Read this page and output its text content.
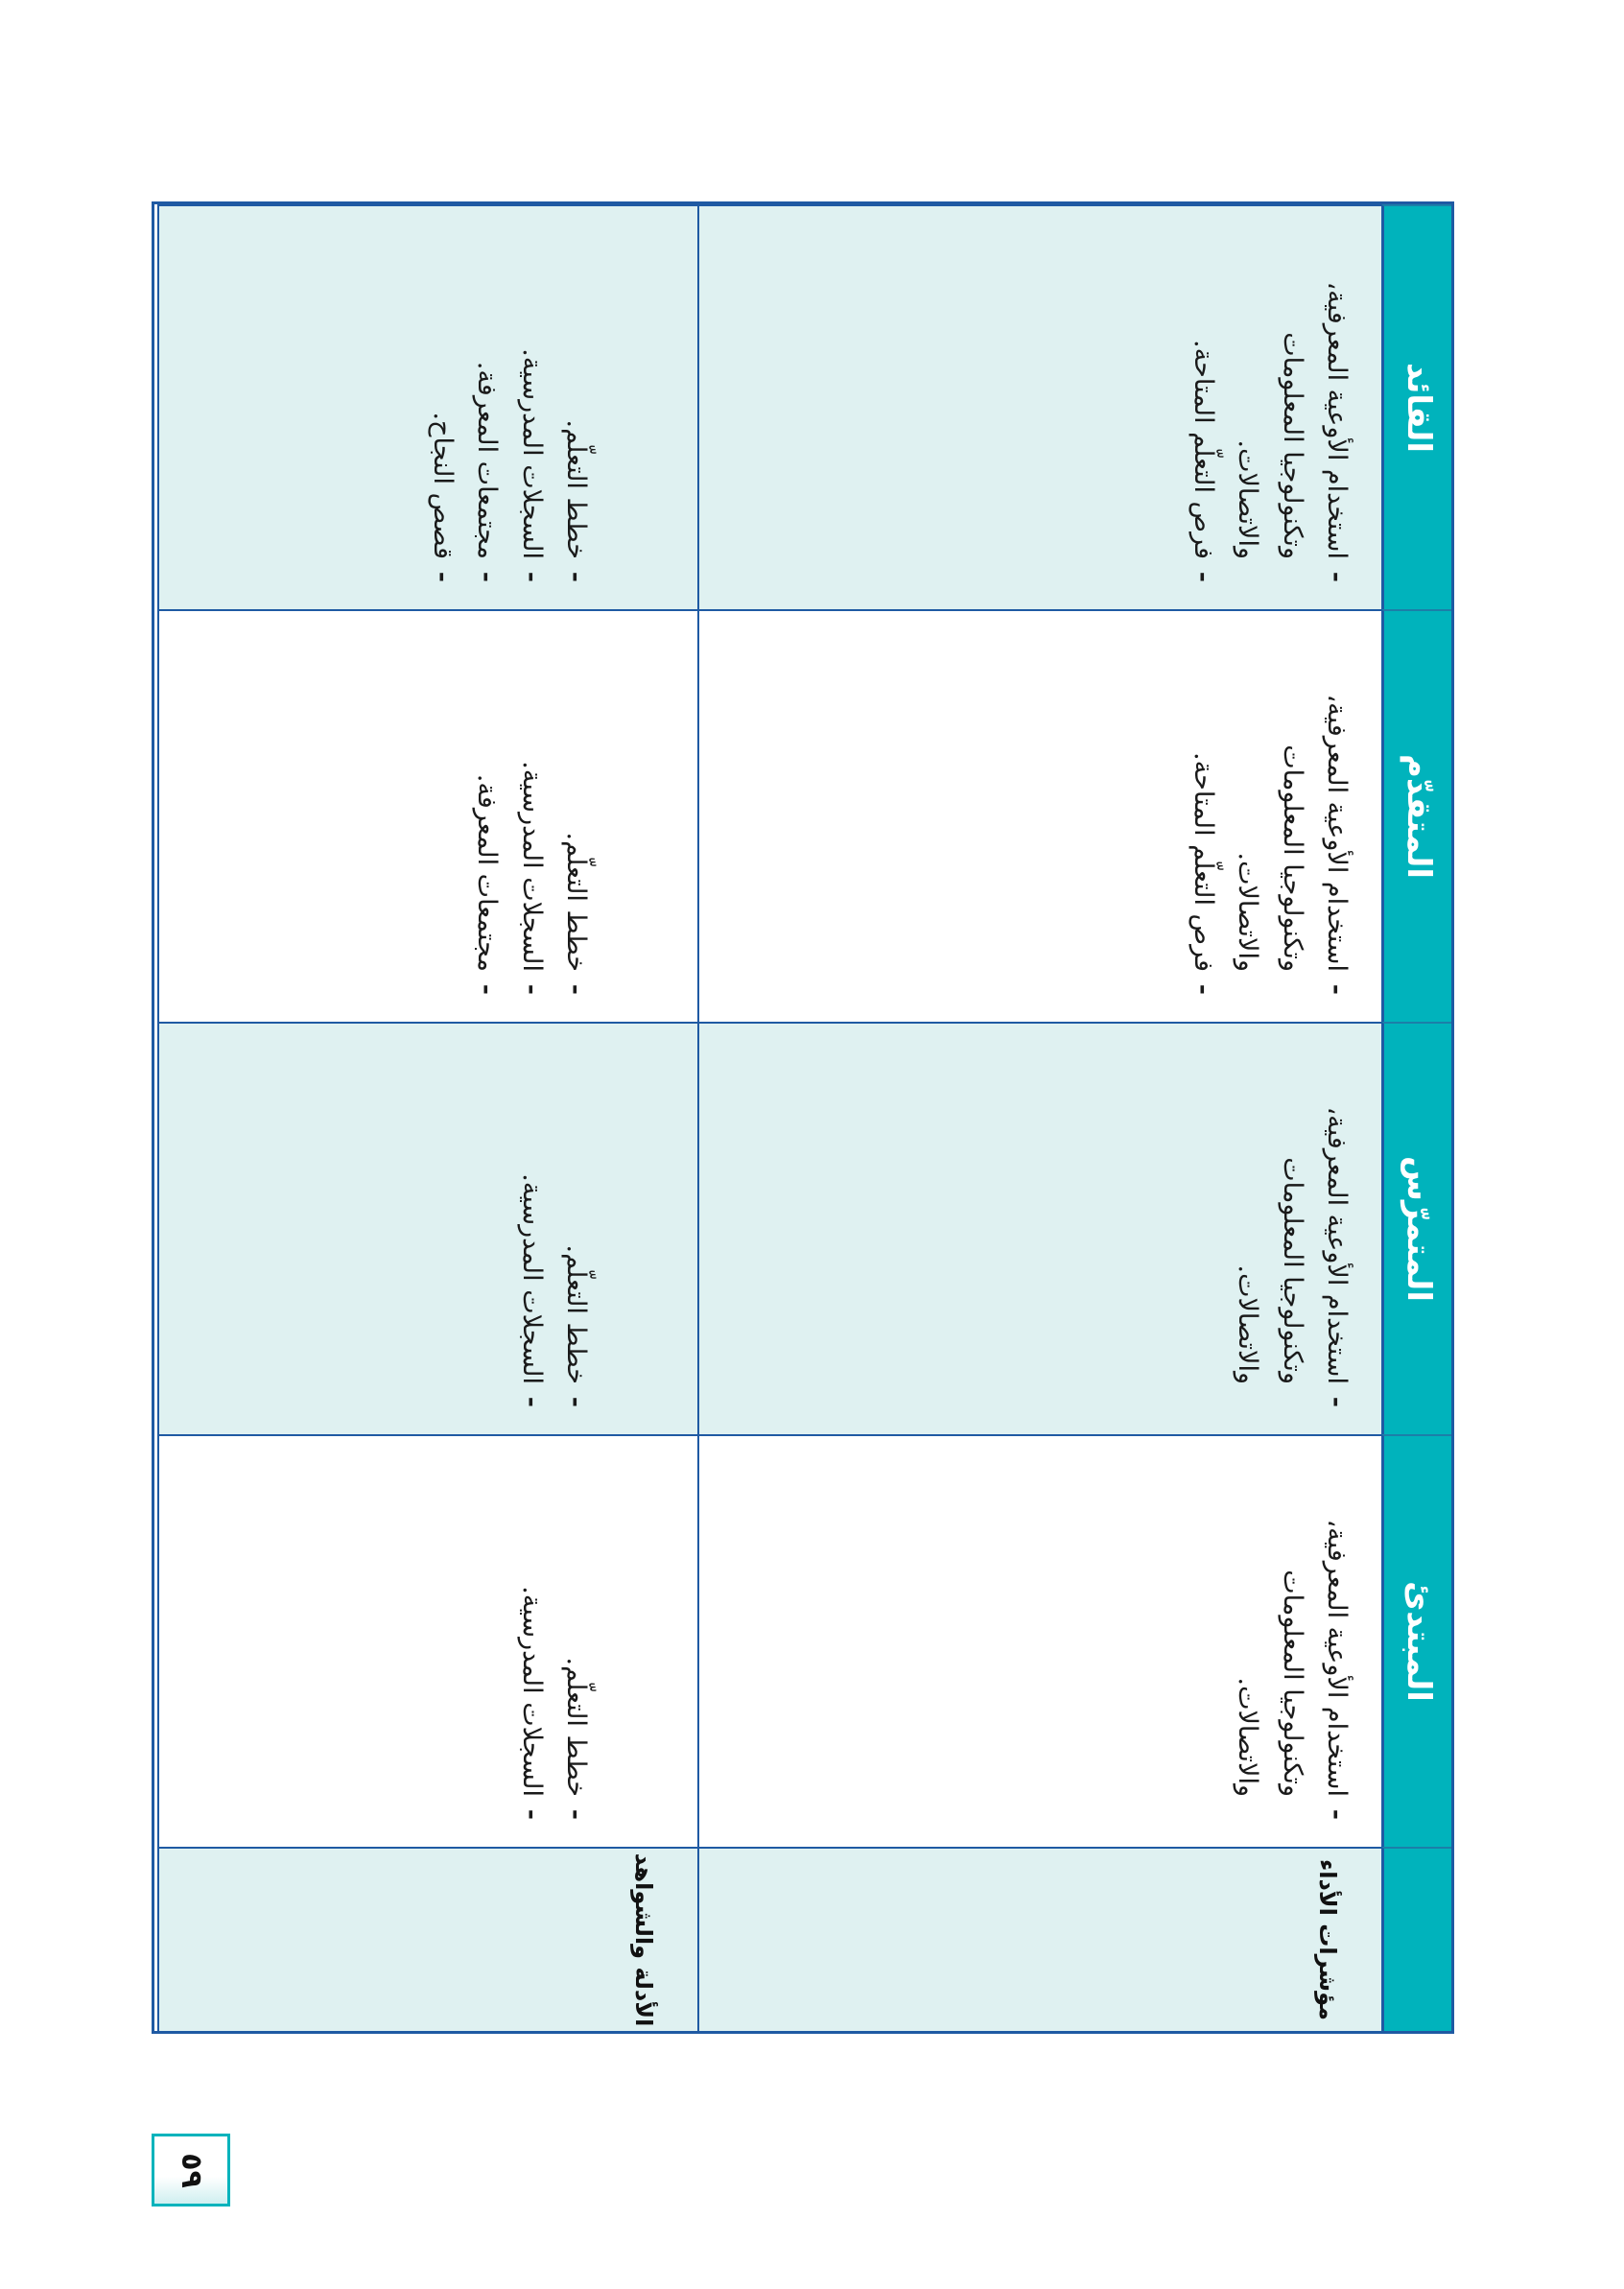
المبتدئ
المتمرّس
المتقدّم
القائد
مؤشرات الأداء
- استخدام الأوعية المعرفية، وتكنولوجيا المعلومات والاتصالات.
- استخدام الأوعية المعرفية، وتكنولوجيا المعلومات والاتصالات.
- استخدام الأوعية المعرفية، وتكنولوجيا المعلومات والاتصالات.
- فرص التعلّم المتاحة.
- استخدام الأوعية المعرفية، وتكنولوجيا المعلومات والاتصالات.
- فرص التعلّم المتاحة.
الأدلة والشواهد
- خطط التعلّم.
- السجلات المدرسية.
- خطط التعلّم.
- السجلات المدرسية.
- خطط التعلّم.
- السجلات المدرسية.
- مجتمعات المعرفة.
- خطط التعلّم.
- السجلات المدرسية.
- مجتمعات المعرفة.
- قصص النجاح.
٥٩
